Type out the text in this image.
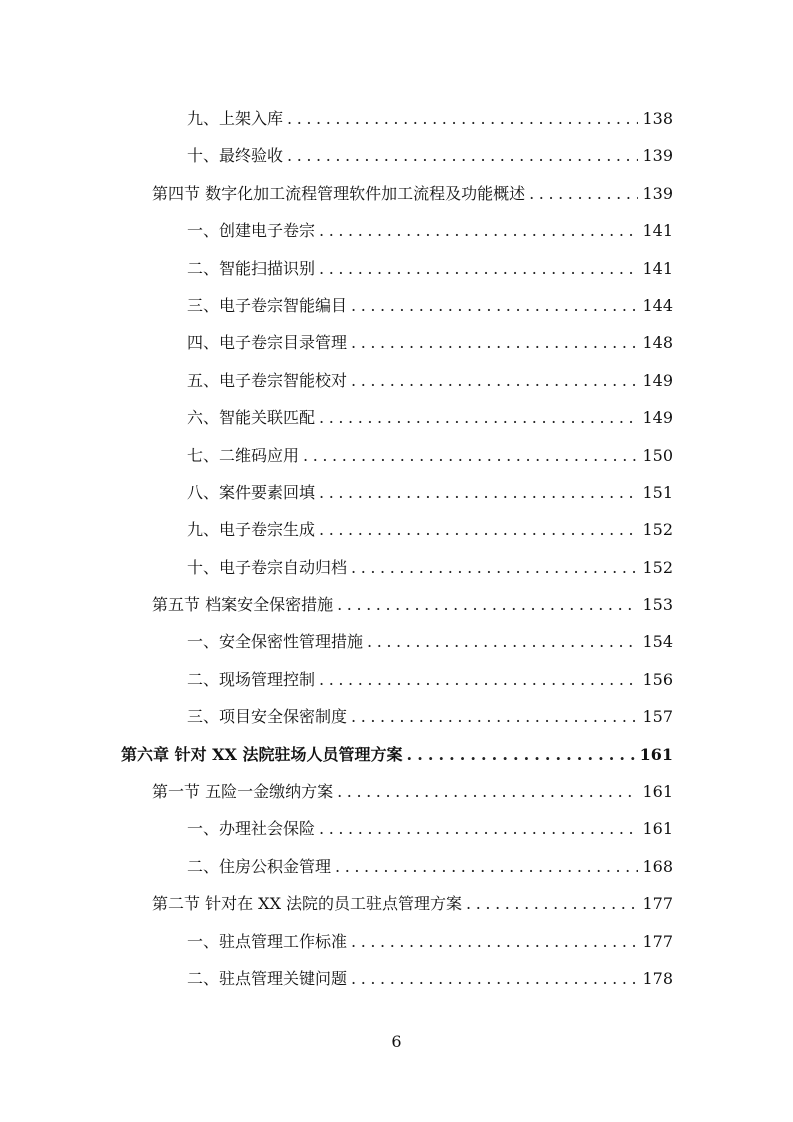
九、上架入库 . . .	138
十、最终验收 . . .	139
第四节 数字化加工流程管理软件加工流程及功能概述 . . .	139
一、创建电子卷宗 . . .	141
二、智能扫描识别 . . .	141
三、电子卷宗智能编目 . . .	144
四、电子卷宗目录管理 . . .	148
五、电子卷宗智能校对 . . .	149
六、智能关联匹配 . . .	149
七、二维码应用 . . .	150
八、案件要素回填 . . .	151
九、电子卷宗生成 . . .	152
十、电子卷宗自动归档 . . .	152
第五节 档案安全保密措施 . . .	153
一、安全保密性管理措施 . . .	154
二、现场管理控制 . . .	156
三、项目安全保密制度 . . .	157
第六章 针对 XX 法院驻场人员管理方案 . . .	161
第一节 五险一金缴纳方案 . . .	161
一、办理社会保险 . . .	161
二、住房公积金管理 . . .	168
第二节 针对在 XX 法院的员工驻点管理方案 . . .	177
一、驻点管理工作标准 . . .	177
二、驻点管理关键问题 . . .	178
6
